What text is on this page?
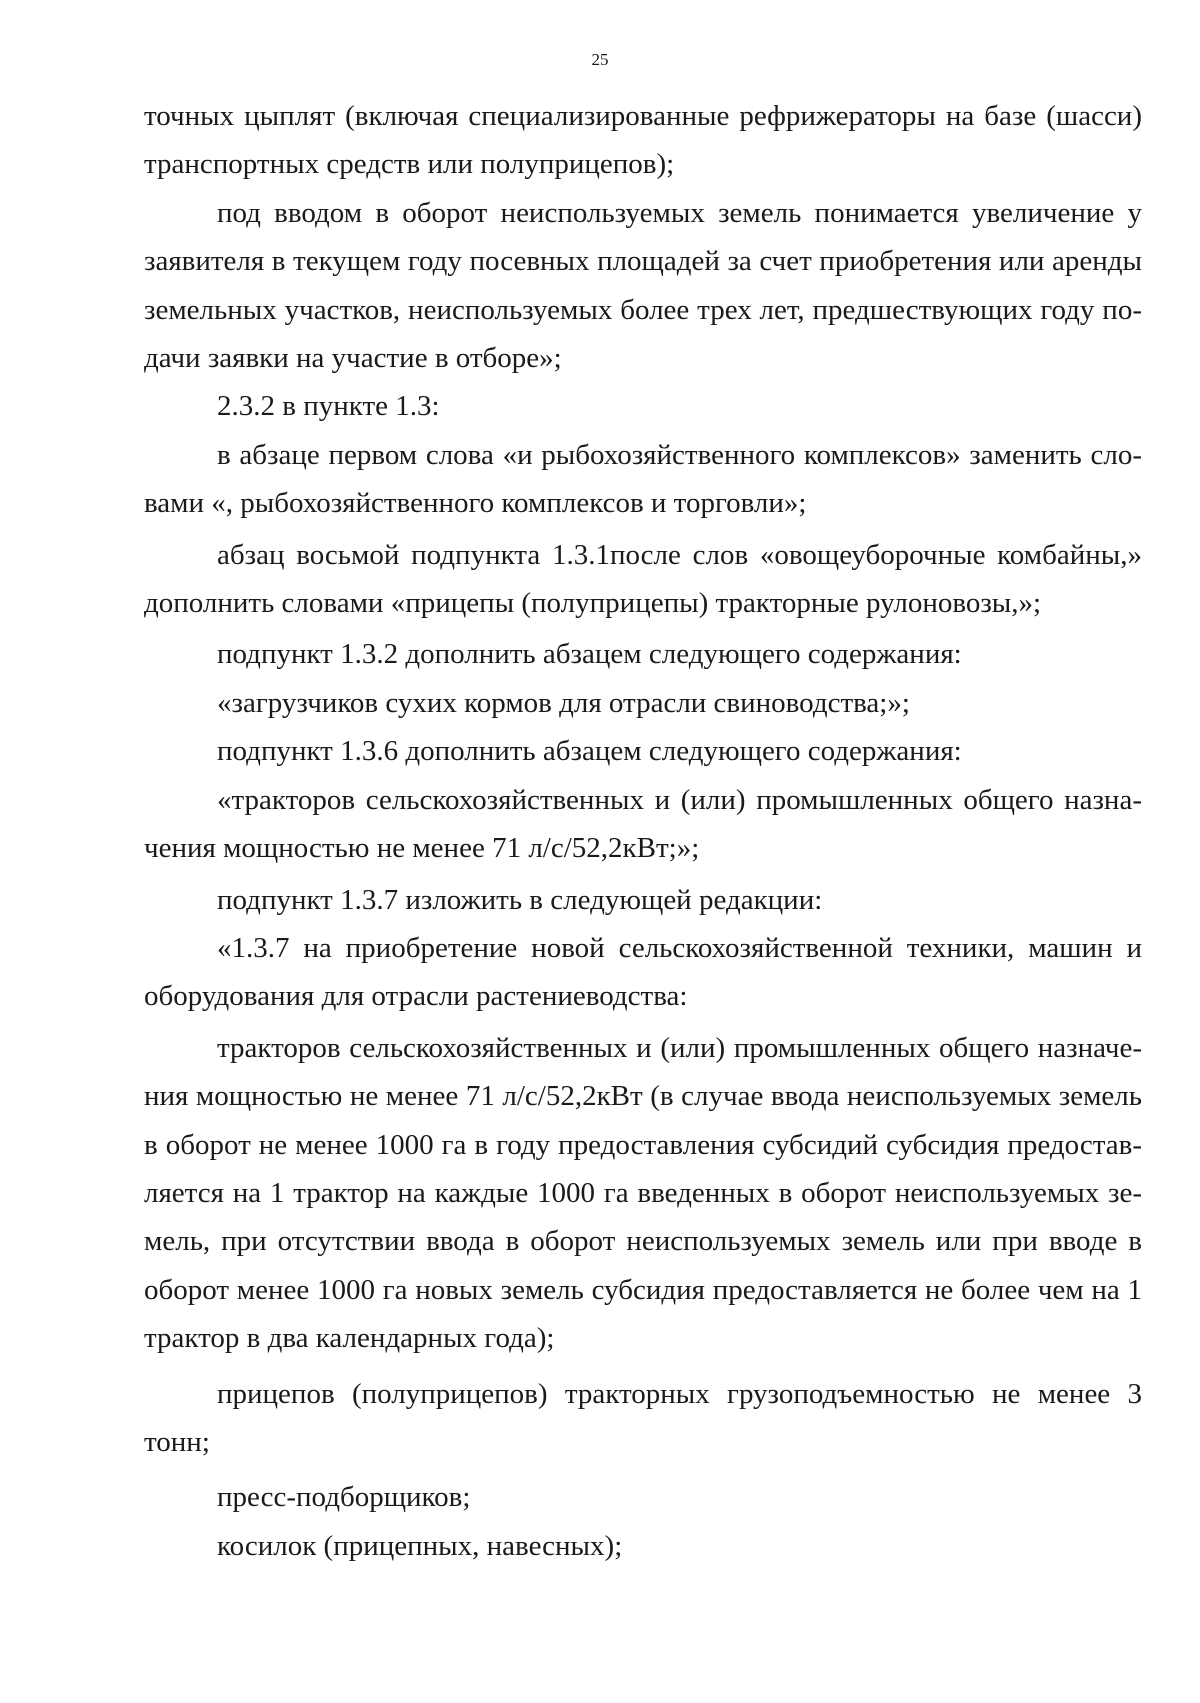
25

точных цыплят (включая специализированные рефрижераторы на базе (шасси) транспортных средств или полуприцепов);

под вводом в оборот неиспользуемых земель понимается увеличение у заявителя в текущем году посевных площадей за счет приобретения или аренды земельных участков, неиспользуемых более трех лет, предшествующих году подачи заявки на участие в отборе»;

2.3.2 в пункте 1.3:

в абзаце первом слова «и рыбохозяйственного комплексов» заменить словами «, рыбохозяйственного комплексов и торговли»;

абзац восьмой подпункта 1.3.1после слов «овощеуборочные комбайны,» дополнить словами «прицепы (полуприцепы) тракторные рулоновозы,»;

подпункт 1.3.2 дополнить абзацем следующего содержания:

«загрузчиков сухих кормов для отрасли свиноводства;»;

подпункт 1.3.6 дополнить абзацем следующего содержания:

«тракторов сельскохозяйственных и (или) промышленных общего назначения мощностью не менее 71 л/с/52,2кВт;»;

подпункт 1.3.7 изложить в следующей редакции:

«1.3.7 на приобретение новой сельскохозяйственной техники, машин и оборудования для отрасли растениеводства:

тракторов сельскохозяйственных и (или) промышленных общего назначения мощностью не менее 71 л/с/52,2кВт (в случае ввода неиспользуемых земель в оборот не менее 1000 га в году предоставления субсидий субсидия предоставляется на 1 трактор на каждые 1000 га введенных в оборот неиспользуемых земель, при отсутствии ввода в оборот неиспользуемых земель или при вводе в оборот менее 1000 га новых земель субсидия предоставляется не более чем на 1 трактор в два календарных года);

прицепов (полуприцепов) тракторных грузоподъемностью не менее 3 тонн;

пресс-подборщиков;

косилок (прицепных, навесных);
